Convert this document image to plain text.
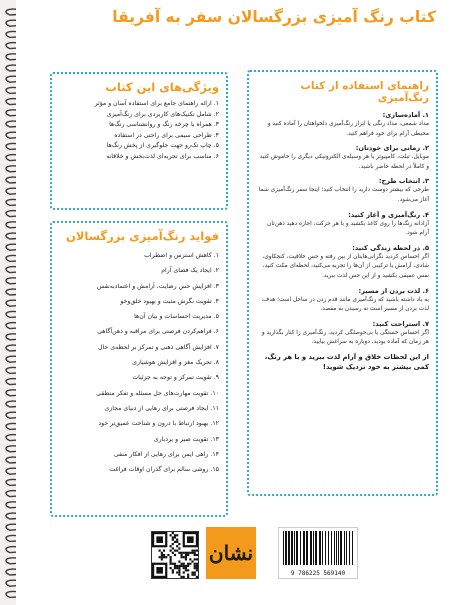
کتاب رنگ آمیزی بزرگسالان سفر به آفریقا
راهنمای استفاده از کتاب رنگ‌آمیزی
۱. آماده‌سازی:
مداد شمعی، مداد رنگی یا ابزار رنگ‌آمیزی دلخواهتان را آماده کنید و محیطی آرام برای خود فراهم کنید.
۲. زمانی برای خودتان:
موبایل، تبلت، کامپیوتر یا هر وسیله‌ی الکترونیکی دیگری را خاموش کنید و کاملاً در لحظه حاضر باشید.
۳. انتخاب طرح:
طرحی که بیشتر دوست دارید را انتخاب کنید؛ اینجا سفر رنگ‌آمیزی شما آغاز می‌شود.
۴. رنگ‌آمیزی و آغاز کنید:
آزادانه رنگ‌ها را روی کاغذ بکشید و با هر حرکت، اجازه دهید ذهن‌تان آرام شود.
۵. در لحظه زندگی کنید:
اگر احساس کردید نگرانی‌هایتان از بین رفته و حس خلاقیت، کنجکاوی، شادی، آرامش یا ترکیبی از آن‌ها را تجربه می‌کنید، لحظه‌ای مکث کنید، نفس عمیقی بکشید و از این حس لذت ببرید.
۶. لذت بردن از مسیر:
به یاد داشته باشید که رنگ‌آمیزی مانند قدم زدن در ساحل است؛ هدف، لذت بردن از مسیر است نه رسیدن به مقصد.
۷. استراحت کنید:
اگر احساس خستگی یا بی‌حوصلگی کردید، رنگ‌آمیزی را کنار بگذارید و هر زمان که آماده بودید، دوباره به سراغش بیایید.
از این لحظات خلاق و آرام لذت ببرید و با هر رنگ، کمی بیشتر به خود نزدیک شوید!
ویژگی‌های این کتاب
۱. ارائه راهنمای جامع برای استفاده آسان و مؤثر
۲. شامل تکنیک‌های کاربردی برای رنگ‌آمیزی
۳. همراه با چرخه رنگ و روانشناسی رنگ‌ها
۴. طراحی سیمی برای راحتی در استفاده
۵. چاپ تک‌رو جهت جلوگیری از پخش رنگ‌ها
۶. مناسب برای تجربه‌ای لذت‌بخش و خلاقانه
فواید رنگ‌آمیزی بزرگسالان
۱. کاهش استرس و اضطراب
۲. ایجاد یک فضای آرام
۳. افزایش حس رضایت، آرامش و اعتماد‌به‌نفس
۴. تقویت نگرش مثبت و بهبود خلق‌وخو
۵. مدیریت احساسات و بیان آن‌ها
۶. فراهم‌کردن فرصتی برای مراقبه و ذهن‌آگاهی
۷. افزایش آگاهی ذهنی و تمرکز بر لحظه‌ی حال
۸. تحریک مغز و افزایش هوشیاری
۹. تقویت تمرکز و توجه به جزئیات
۱۰. تقویت مهارت‌های حل مسئله و تفکر منطقی
۱۱. ایجاد فرصتی برای رهایی از دنیای مجازی
۱۲. بهبود ارتباط با درون و شناخت عمیق‌تر خود
۱۳. تقویت صبر و بردباری
۱۴. راهی ایمن برای رهایی از افکار منفی
۱۵. روشی سالم برای گذران اوقات فراغت
نشان
9 786225 569140
